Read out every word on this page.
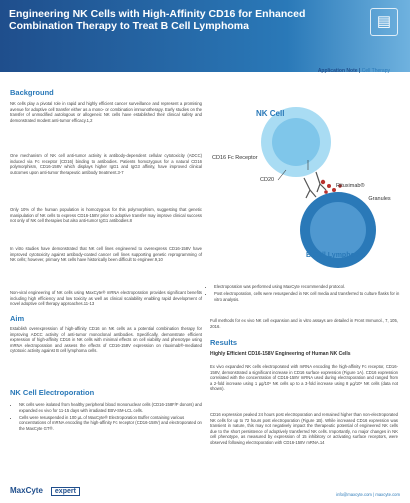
Engineering NK Cells with High-Affinity CD16 for Enhanced Combination Therapy to Treat B Cell Lymphoma	▤
Application Note | Cell Therapy
Background

NK cells play a pivotal role in rapid and highly efficient cancer surveillance and represent a promising avenue for adoptive cell transfer either as a mono- or combination immunotherapy. Early studies on the transfer of unmodified autologous or allogeneic NK cells have established their clinical safety and demonstrated modest anti-tumor efficacy.1,2

One mechanism of NK cell anti-tumor activity is antibody-dependent cellular cytotoxicity (ADCC) induced via Fc receptor (CD16) binding to antibodies. Patients homozygous for a natural CD16 polymorphism, CD16-158V which displays higher IgG1 and IgG3 affinity, have improved clinical outcomes upon anti-tumor therapeutic antibody treatment.3-7

Only 10% of the human population is homozygous for this polymorphism, suggesting that genetic manipulation of NK cells to express CD16-158V prior to adoptive transfer may improve clinical success not only of NK cell therapies but also anti-tumor IgG1 antibodies.8

In vitro studies have demonstrated that NK cell lines engineered to overexpress CD16-158V have improved cytotoxicity against antibody-coated cancer cell lines supporting genetic reprogramming of NK cells; however, primary NK cells have historically been difficult to engineer.9,10

Non-viral engineering of NK cells using MaxCyte® mRNA electroporation provides significant benefits including high efficiency and low toxicity as well as clinical scalability enabling rapid development of novel adoptive cell therapy approaches.11-13

Aim

Establish overexpression of high-affinity CD16 on NK cells as a potential combination therapy for improving ADCC activity of anti-tumor monoclonal antibodies. Specifically, demonstrate efficient expression of high-affinity CD16 in NK cells with minimal effects on cell viability and phenotype using mRNA electroporation and assess the effects of CD16-158V expression on rituximab®-mediated cytotoxic activity against B cell lymphoma cells.

NK Cell Electroporation
• NK cells were isolated from healthy peripheral blood mononuclear cells (CD16-158F/F donors) and expanded ex vivo for 11-15 days with irradiated EBV-SM-LCL cells.
• Cells were resuspended in 100 µL of MaxCyte® Electroporation Buffer containing various concentrations of mRNA encoding the high-affinity Fc receptor (CD16-158V) and electroporated on the MaxCyte GT®.
NK Cell
CD16 Fc Receptor
CD20
Rituximab®
Granules
B Cell Lymphoma
• Electroporation was performed using MaxCyte recommended protocol.
• Post electroporation, cells were resuspended in NK cell media and transferred to culture flasks for in vitro analysis.

Full methods for ex vivo NK cell expansion and in vitro assays are detailed in Front Immunol., 7, 105, 2016.

Results

Highly Efficient CD16-158V Engineering of Human NK Cells

Ex vivo expanded NK cells electroporated with mRNA encoding the high-affinity Fc receptor, CD16-158V, demonstrated a significant increase in CD16 surface expression (Figure 1A). CD16 expression correlated with the concentration of CD16-158V mRNA used during electroporation and ranged from a 2-fold increase using 1 µg/10⁶ NK cells up to a 3-fold increase using 8 µg/10⁶ NK cells (data not shown).

CD16 expression peaked 24 hours post electroporation and remained higher than non-electroporated NK cells for up to 72 hours post electroporation (Figure 1B). While increased CD16 expression was transient in nature, this may not negatively impact the therapeutic potential of engineered NK cells due to the short persistence of adoptively transferred NK cells. Importantly, no major changes in NK cell phenotype, as measured by expression of 15 inhibitory or activating surface receptors, were observed following electroporation with CD16-158V mRNA.14

MaxCyte expert	info@maxcyte.com | maxcyte.com
